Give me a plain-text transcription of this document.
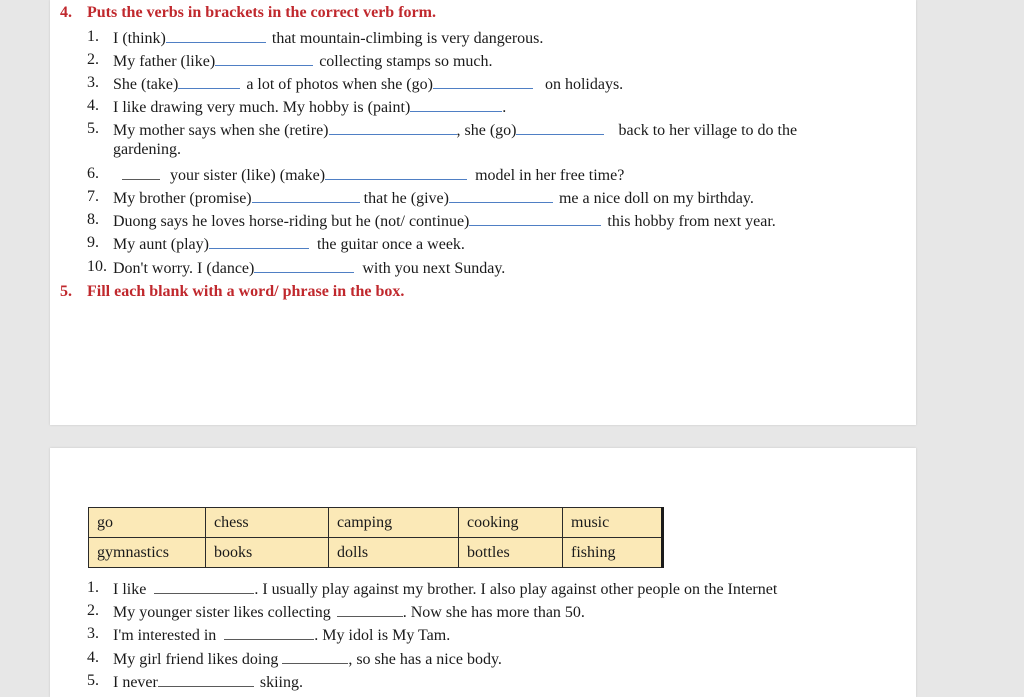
4. Puts the verbs in brackets in the correct verb form.
1. I (think)	that mountain-climbing is very dangerous.
2. My father (like)	collecting stamps so much.
3. She (take)	a lot of photos when she (go)	on holidays.
4. I like drawing very much. My hobby is (paint)	.
5. My mother says when she (retire)	, she (go)	back to her village to do the
gardening.
6.	your sister (like) (make)	model in her free time?
7. My brother (promise)	that he (give)	me a nice doll on my birthday.
8. Duong says he loves horse-riding but he (not/ continue)	this hobby from next year.
9. My aunt (play)	the guitar once a week.
10. Don't worry. I (dance)	with you next Sunday.
5. Fill each blank with a word/ phrase in the box.
go	chess	camping	cooking	music
gymnastics	books	dolls	bottles	fishing
1. I like	. I usually play against my brother. I also play against other people on the Internet
2. My younger sister likes collecting	. Now she has more than 50.
3. I'm interested in	. My idol is My Tam.
4. My girl friend likes doing	, so she has a nice body.
5. I never	skiing.
